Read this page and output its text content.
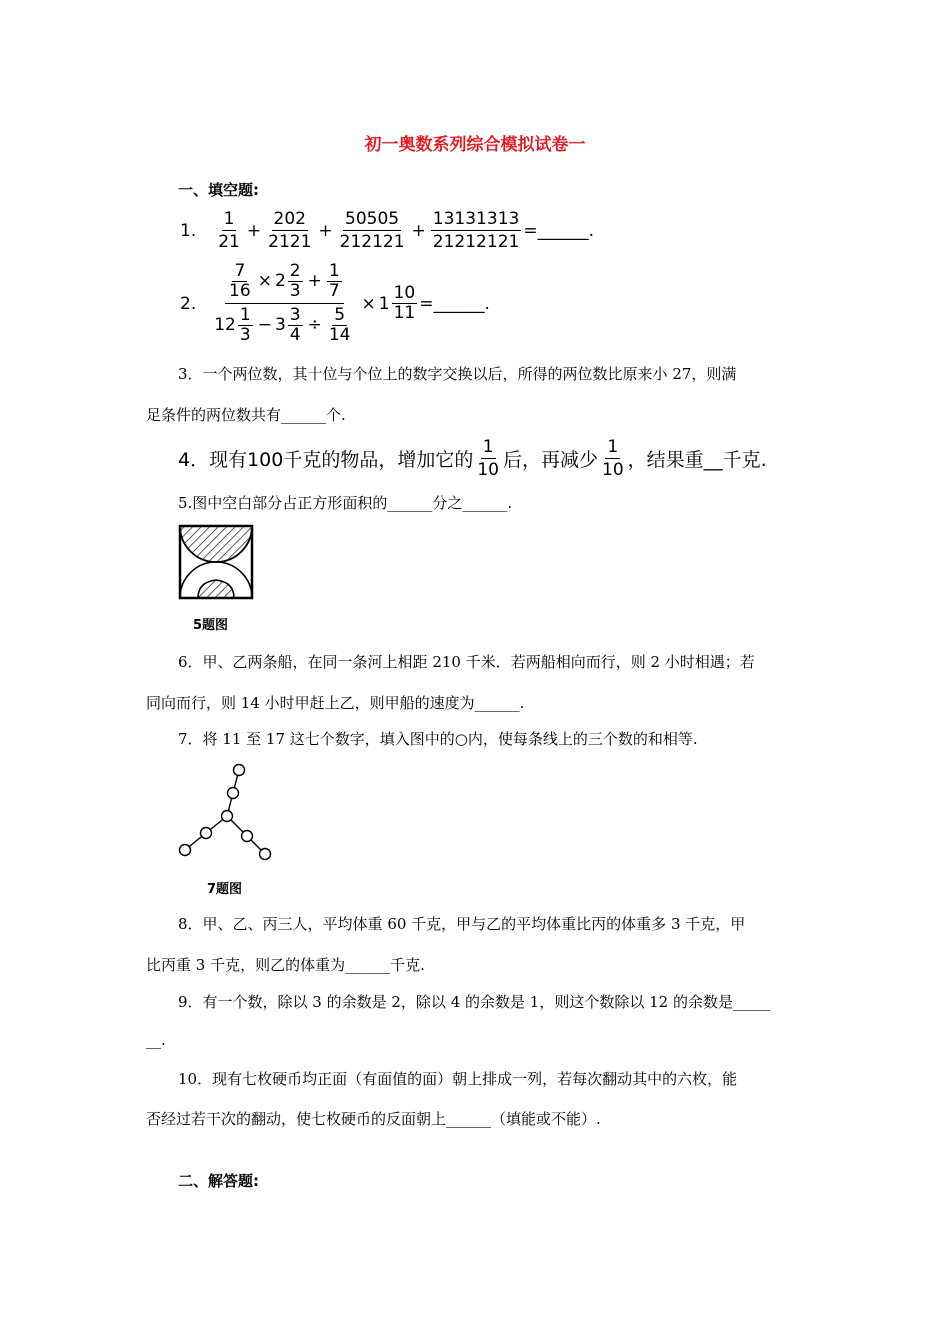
初一奥数系列综合模拟试卷一
一、填空题:
1. $\frac{1}{21} + \frac{202}{2121} + \frac{50505}{212121} + \frac{13131313}{21212121}$ =______.
2. $\frac{\frac{7}{16} \times 2 \frac{2}{3} + \frac{1}{7}}{12 \frac{1}{3} - 3 \frac{3}{4} \div \frac{5}{14}} \times 1 \frac{10}{11}$ =______.
3．一个两位数，其十位与个位上的数字交换以后，所得的两位数比原来小 27，则满
足条件的两位数共有______个.
4．现有100千克的物品，增加它的 $\frac{1}{10}$ 后，再减少 $\frac{1}{10}$ ，结果重__千克.
5.图中空白部分占正方形面积的______分之______.
5题图
6．甲、乙两条船，在同一条河上相距 210 千米．若两船相向而行，则 2 小时相遇；若
同向而行，则 14 小时甲赶上乙，则甲船的速度为______.
7．将 11 至 17 这七个数字，填入图中的○内，使每条线上的三个数的和相等.
7题图
8．甲、乙、丙三人，平均体重 60 千克，甲与乙的平均体重比丙的体重多 3 千克，甲
比丙重 3 千克，则乙的体重为______千克.
9．有一个数，除以 3 的余数是 2，除以 4 的余数是 1，则这个数除以 12 的余数是_____
__.
10．现有七枚硬币均正面（有面值的面）朝上排成一列，若每次翻动其中的六枚，能
否经过若干次的翻动，使七枚硬币的反面朝上______（填能或不能）.
二、解答题:
